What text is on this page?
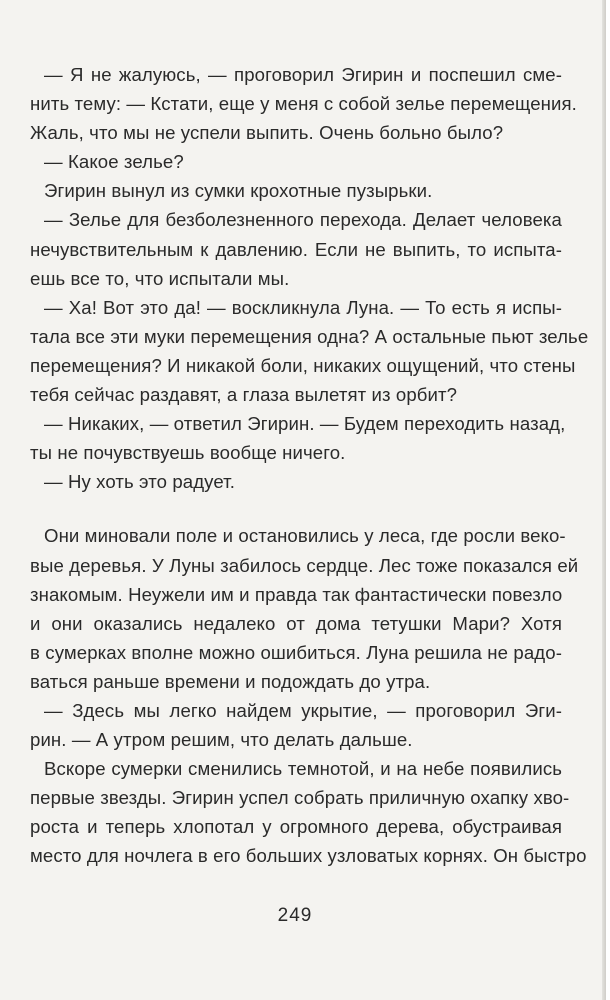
— Я не жалуюсь, — проговорил Эгирин и поспешил сме-
нить тему: — Кстати, еще у меня с собой зелье перемещения.
Жаль, что мы не успели выпить. Очень больно было?
— Какое зелье?
Эгирин вынул из сумки крохотные пузырьки.
— Зелье для безболезненного перехода. Делает человека
нечувствительным к давлению. Если не выпить, то испыта-
ешь все то, что испытали мы.
— Ха! Вот это да! — воскликнула Луна. — То есть я испы-
тала все эти муки перемещения одна? А остальные пьют зелье
перемещения? И никакой боли, никаких ощущений, что стены
тебя сейчас раздавят, а глаза вылетят из орбит?
— Никаких, — ответил Эгирин. — Будем переходить назад,
ты не почувствуешь вообще ничего.
— Ну хоть это радует.
Они миновали поле и остановились у леса, где росли веко-
вые деревья. У Луны забилось сердце. Лес тоже показался ей
знакомым. Неужели им и правда так фантастически повезло
и они оказались недалеко от дома тетушки Мари? Хотя
в сумерках вполне можно ошибиться. Луна решила не радо-
ваться раньше времени и подождать до утра.
— Здесь мы легко найдем укрытие, — проговорил Эги-
рин. — А утром решим, что делать дальше.
Вскоре сумерки сменились темнотой, и на небе появились
первые звезды. Эгирин успел собрать приличную охапку хво-
роста и теперь хлопотал у огромного дерева, обустраивая
место для ночлега в его больших узловатых корнях. Он быстро
249
